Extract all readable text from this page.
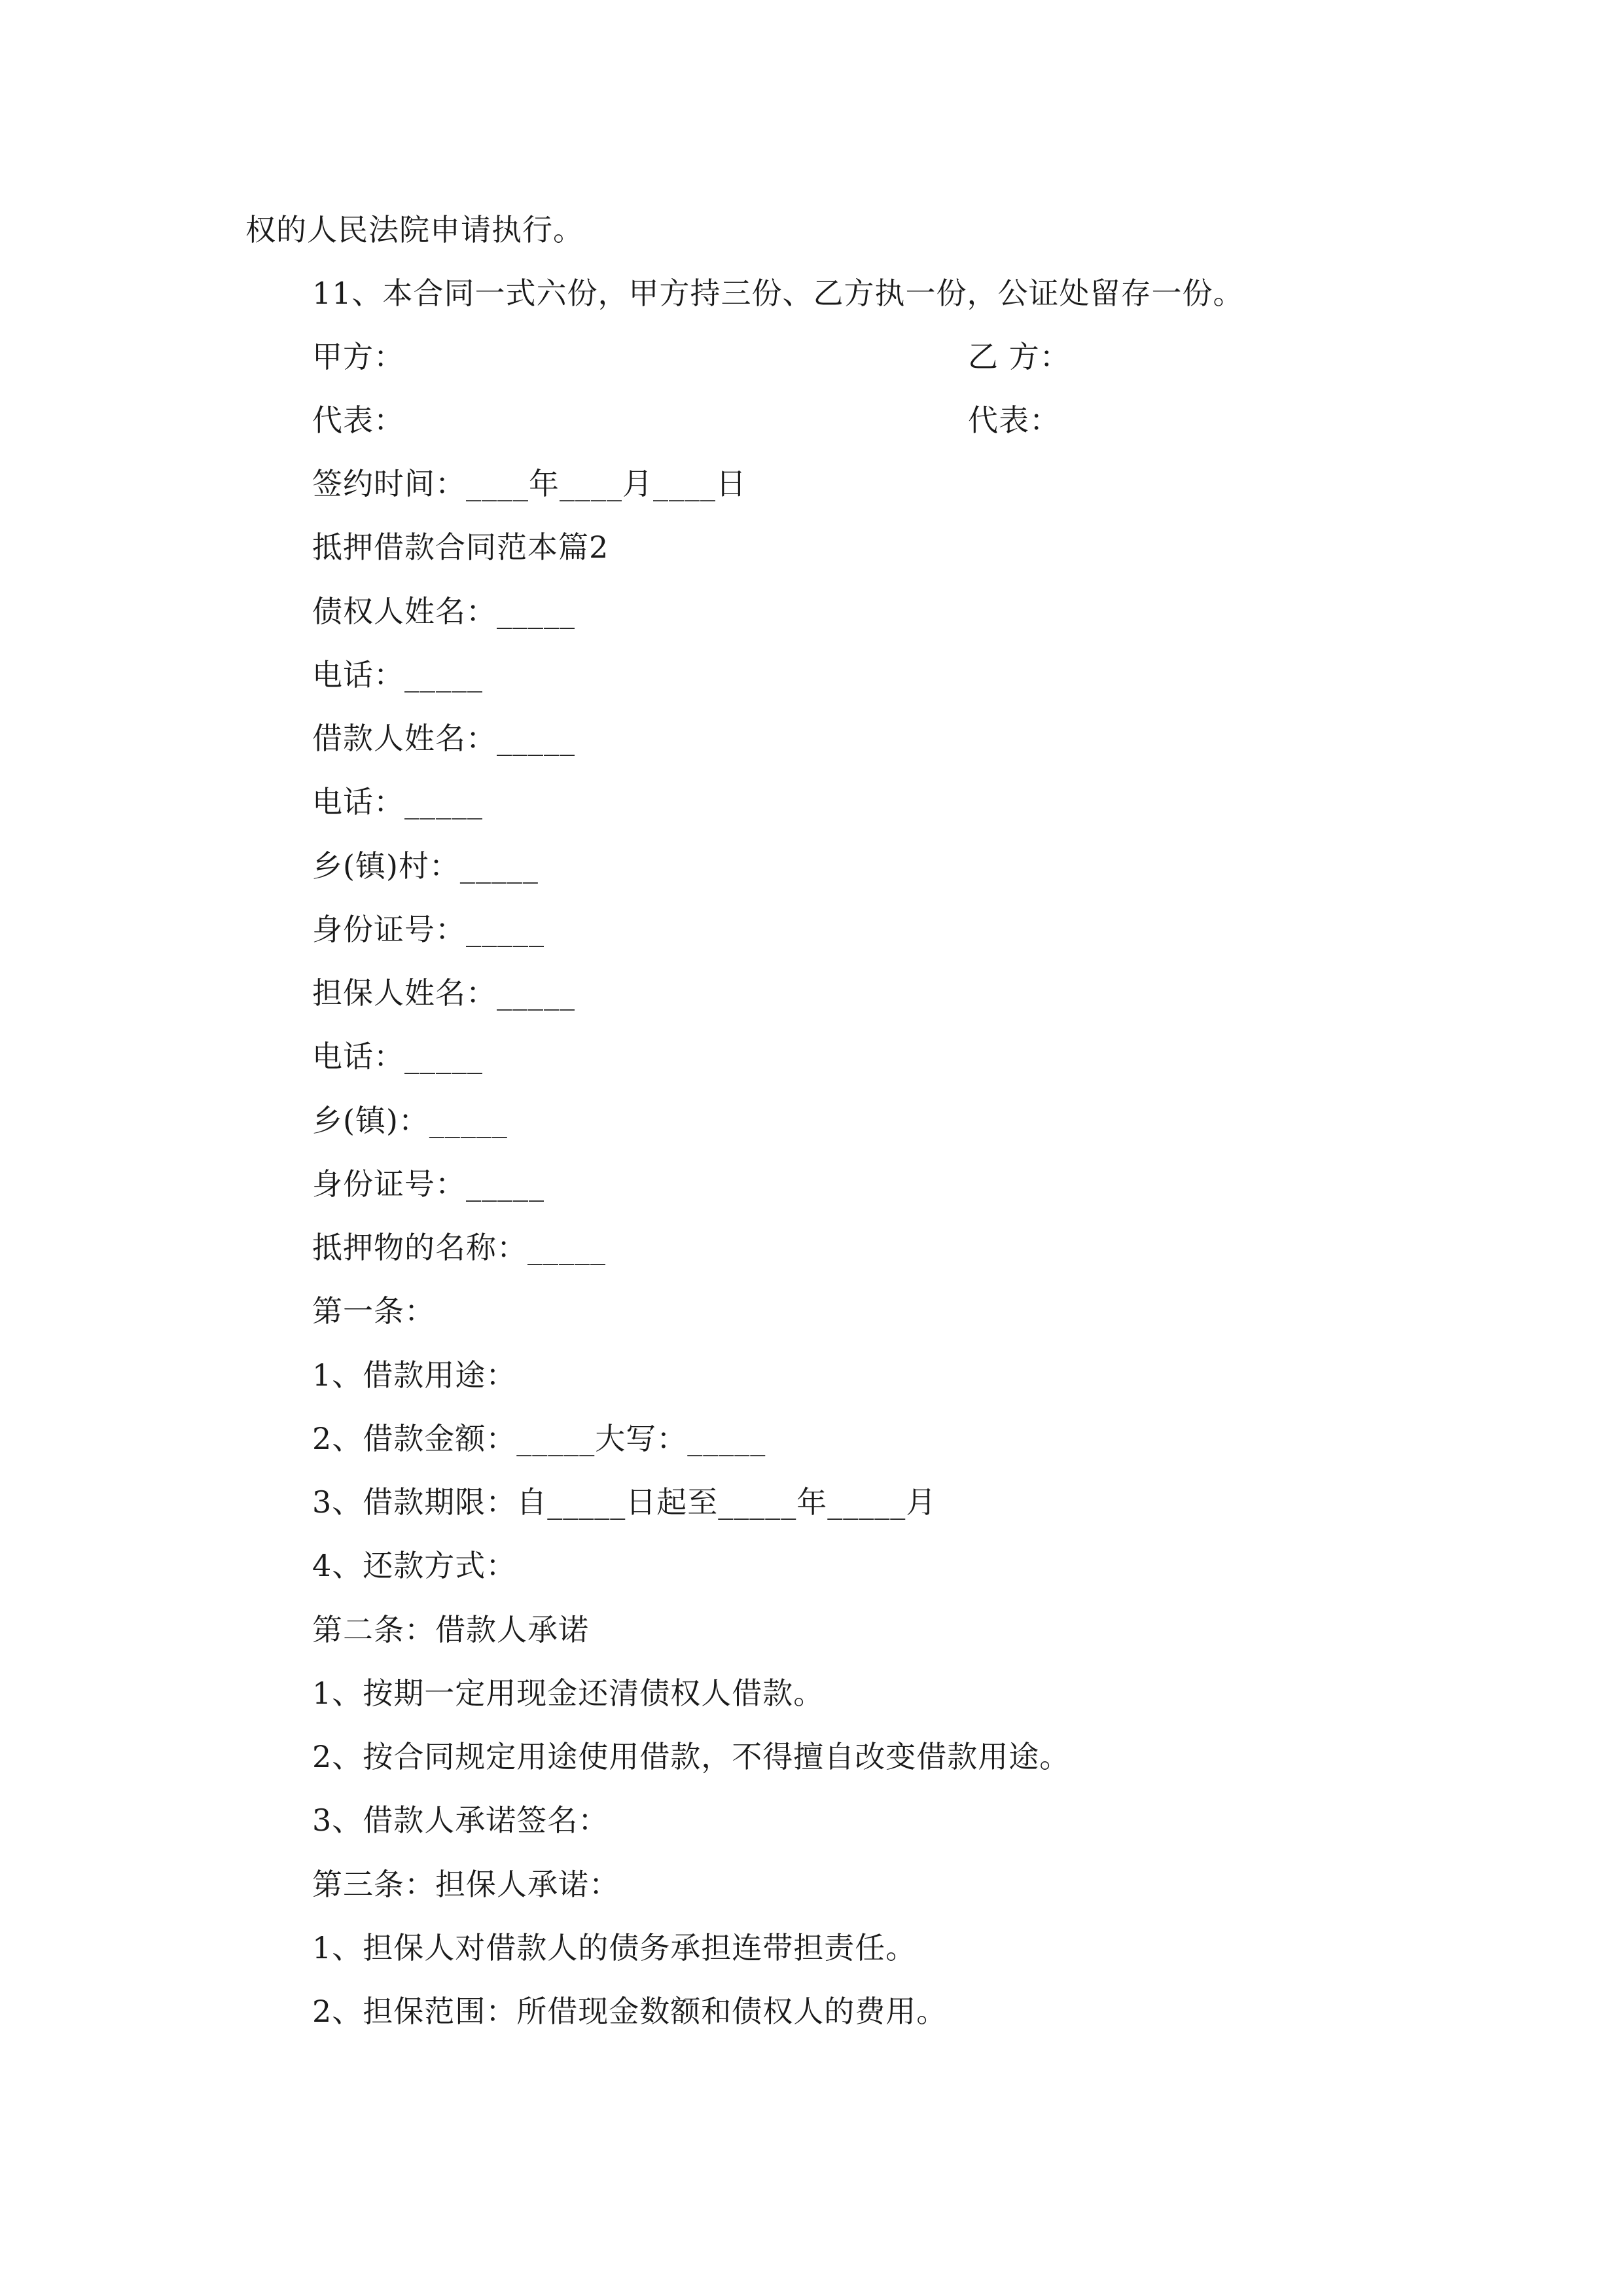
权的人民法院申请执行。
11、本合同一式六份，甲方持三份、乙方执一份，公证处留存一份。
甲方：	乙 方：
代表：	代表：
签约时间：____年____月____日
抵押借款合同范本篇2
债权人姓名：_____
电话：_____
借款人姓名：_____
电话：_____
乡(镇)村：_____
身份证号：_____
担保人姓名：_____
电话：_____
乡(镇)：_____
身份证号：_____
抵押物的名称：_____
第一条：
1、借款用途：
2、借款金额：_____大写：_____
3、借款期限：自_____日起至_____年_____月
4、还款方式：
第二条：借款人承诺
1、按期一定用现金还清债权人借款。
2、按合同规定用途使用借款，不得擅自改变借款用途。
3、借款人承诺签名：
第三条：担保人承诺：
1、担保人对借款人的债务承担连带担责任。
2、担保范围：所借现金数额和债权人的费用。
